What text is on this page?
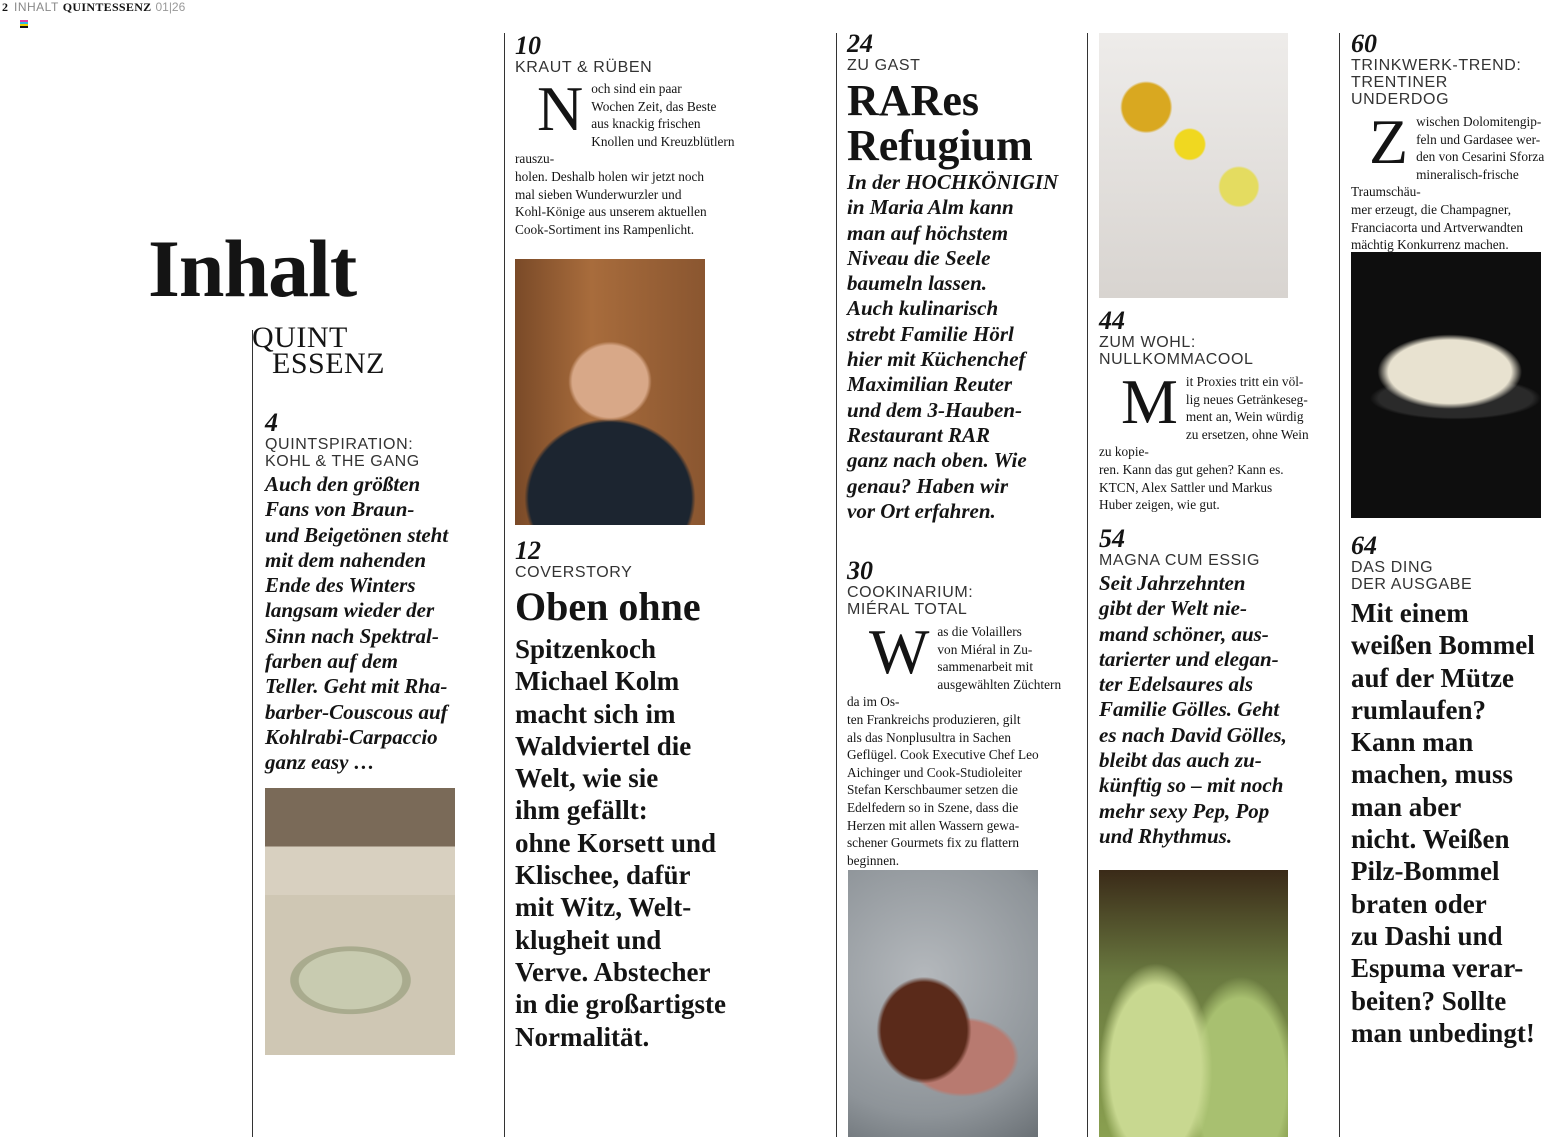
2 INHALT QUINTESSENZ 01|26
Inhalt
QUINT
ESSENZ
4
QUINTSPIRATION:
KOHL & THE GANG
Auch den größten
Fans von Braun-
und Beigetönen steht
mit dem nahenden
Ende des Winters
langsam wieder der
Sinn nach Spektral-
farben auf dem
Teller. Geht mit Rha-
barber-Couscous auf
Kohlrabi-Carpaccio
ganz easy …
10
KRAUT & RÜBEN
Noch sind ein paar
Wochen Zeit, das Beste
aus knackig frischen
Knollen und Kreuzblütlern rauszu-
holen. Deshalb holen wir jetzt noch
mal sieben Wunderwurzler und
Kohl-Könige aus unserem aktuellen
Cook-Sortiment ins Rampenlicht.
12
COVERSTORY
Oben ohne
Spitzenkoch
Michael Kolm
macht sich im
Waldviertel die
Welt, wie sie
ihm gefällt:
ohne Korsett und
Klischee, dafür
mit Witz, Welt-
klugheit und
Verve. Abstecher
in die großartigste
Normalität.
24
ZU GAST
RARes
Refugium
In der HOCHKÖNIGIN
in Maria Alm kann
man auf höchstem
Niveau die Seele
baumeln lassen.
Auch kulinarisch
strebt Familie Hörl
hier mit Küchenchef
Maximilian Reuter
und dem 3-Hauben-
Restaurant RAR
ganz nach oben. Wie
genau? Haben wir
vor Ort erfahren.
30
COOKINARIUM:
MIÉRAL TOTAL
Was die Volaillers
von Miéral in Zu-
sammenarbeit mit
ausgewählten Züchtern da im Os-
ten Frankreichs produzieren, gilt
als das Nonplusultra in Sachen
Geflügel. Cook Executive Chef Leo
Aichinger und Cook-Studioleiter
Stefan Kerschbaumer setzen die
Edelfedern so in Szene, dass die
Herzen mit allen Wassern gewa-
schener Gourmets fix zu flattern
beginnen.
44
ZUM WOHL:
NULLKOMMACOOL
Mit Proxies tritt ein völ-
lig neues Getränkeseg-
ment an, Wein würdig
zu ersetzen, ohne Wein zu kopie-
ren. Kann das gut gehen? Kann es.
KTCN, Alex Sattler und Markus
Huber zeigen, wie gut.
54
MAGNA CUM ESSIG
Seit Jahrzehnten
gibt der Welt nie-
mand schöner, aus-
tarierter und elegan-
ter Edelsaures als
Familie Gölles. Geht
es nach David Gölles,
bleibt das auch zu-
künftig so – mit noch
mehr sexy Pep, Pop
und Rhythmus.
60
TRINKWERK-TREND:
TRENTINER UNDERDOG
Zwischen Dolomitengip-
feln und Gardasee wer-
den von Cesarini Sforza
mineralisch-frische Traumschäu-
mer erzeugt, die Champagner,
Franciacorta und Artverwandten
mächtig Konkurrenz machen.
64
DAS DING
DER AUSGABE
Mit einem
weißen Bommel
auf der Mütze
rumlaufen?
Kann man
machen, muss
man aber
nicht. Weißen
Pilz-Bommel
braten oder
zu Dashi und
Espuma verar-
beiten? Sollte
man unbedingt!
